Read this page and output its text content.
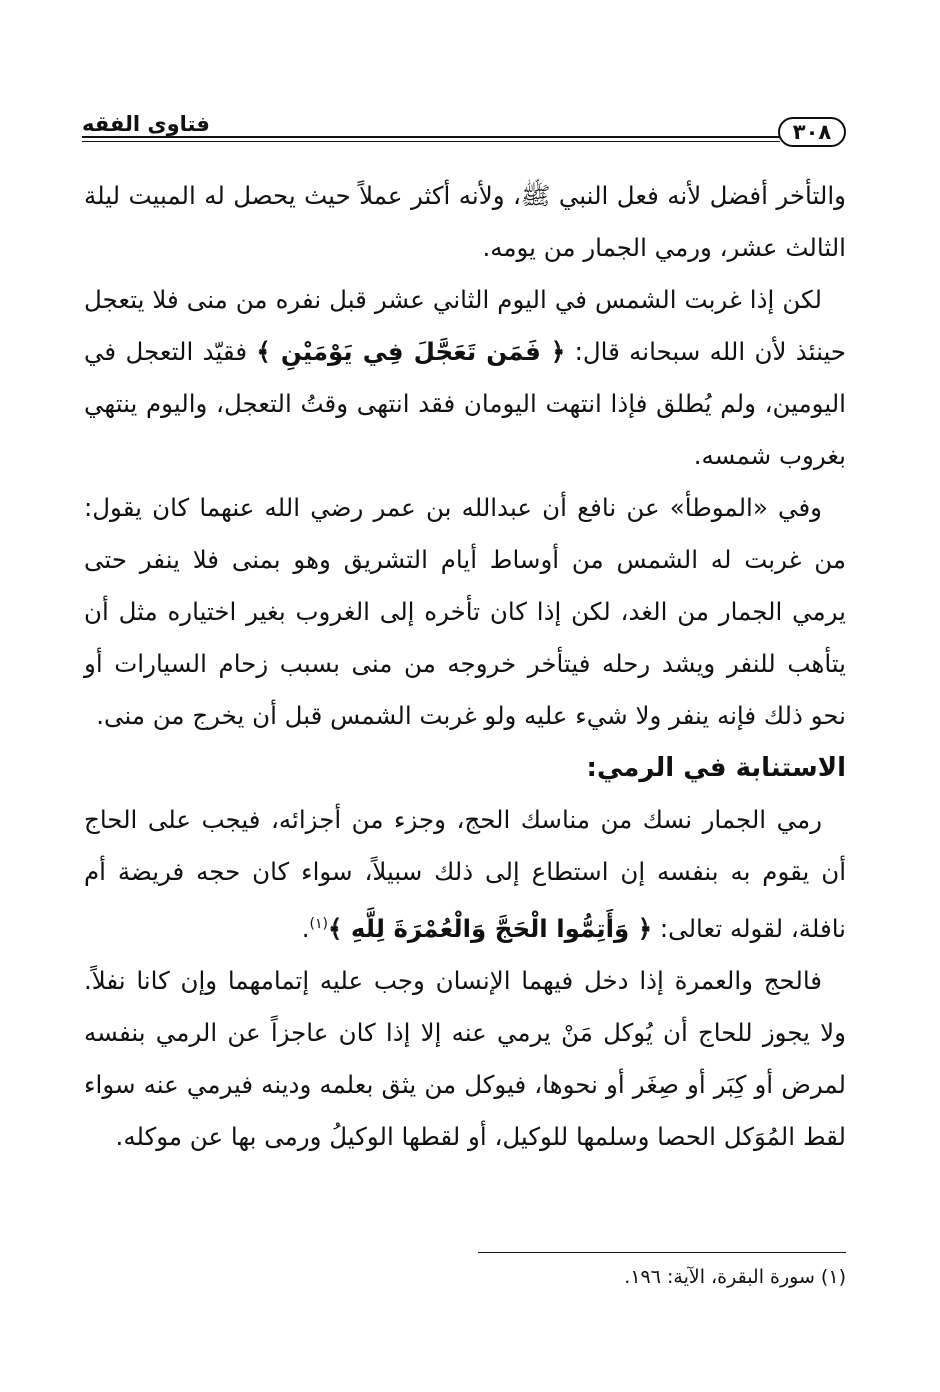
فتاوى الفقه	٣٠٨

والتأخر أفضل لأنه فعل النبي ﷺ، ولأنه أكثر عملاً حيث يحصل له المبيت ليلة الثالث عشر، ورمي الجمار من يومه.

لكن إذا غربت الشمس في اليوم الثاني عشر قبل نفره من منى فلا يتعجل حينئذ لأن الله سبحانه قال: ﴿ فَمَن تَعَجَّلَ فِي يَوْمَيْنِ ﴾ فقيّد التعجل في اليومين، ولم يُطلق فإذا انتهت اليومان فقد انتهى وقتُ التعجل، واليوم ينتهي بغروب شمسه.

وفي «الموطأ» عن نافع أن عبدالله بن عمر رضي الله عنهما كان يقول: من غربت له الشمس من أوساط أيام التشريق وهو بمنى فلا ينفر حتى يرمي الجمار من الغد، لكن إذا كان تأخره إلى الغروب بغير اختياره مثل أن يتأهب للنفر ويشد رحله فيتأخر خروجه من منى بسبب زحام السيارات أو نحو ذلك فإنه ينفر ولا شيء عليه ولو غربت الشمس قبل أن يخرج من منى.

الاستنابة في الرمي:

رمي الجمار نسك من مناسك الحج، وجزء من أجزائه، فيجب على الحاج أن يقوم به بنفسه إن استطاع إلى ذلك سبيلاً، سواء كان حجه فريضة أم نافلة، لقوله تعالى: ﴿ وَأَتِمُّوا الْحَجَّ وَالْعُمْرَةَ لِلَّهِ ﴾$^{(١)}$.

فالحج والعمرة إذا دخل فيهما الإنسان وجب عليه إتمامهما وإن كانا نفلاً. ولا يجوز للحاج أن يُوكل مَنْ يرمي عنه إلا إذا كان عاجزاً عن الرمي بنفسه لمرض أو كِبَر أو صِغَر أو نحوها، فيوكل من يثق بعلمه ودينه فيرمي عنه سواء لقط المُوَكل الحصا وسلمها للوكيل، أو لقطها الوكيلُ ورمى بها عن موكله.

(١) سورة البقرة، الآية: ١٩٦.
